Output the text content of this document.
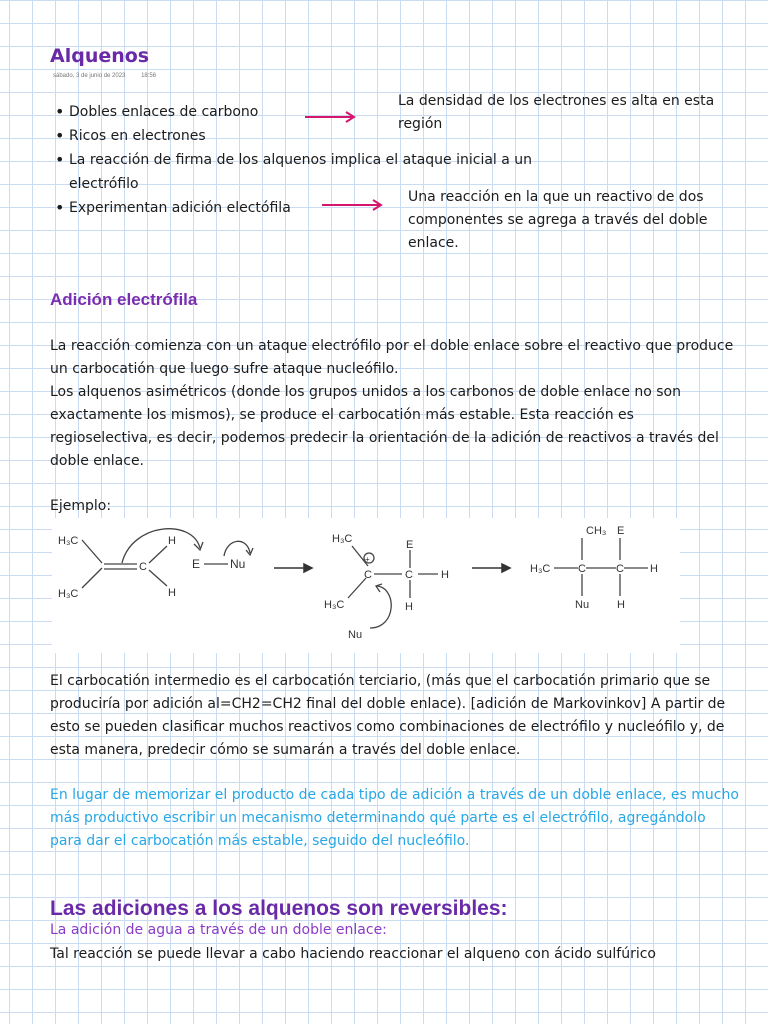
Alquenos
sábado, 3 de junio de 2023	18:56
• Dobles enlaces de carbono
• Ricos en electrones
• La reacción de firma de los alquenos implica el ataque inicial a un electrófilo
• Experimentan adición electófila
La densidad de los electrones es alta en esta región
Una reacción en la que un reactivo de dos componentes se agrega a través del doble enlace.
Adición electrófila
La reacción comienza con un ataque electrófilo por el doble enlace sobre el reactivo que produce un carbocatión que luego sufre ataque nucleófilo.
Los alquenos asimétricos (donde los grupos unidos a los carbonos de doble enlace no son exactamente los mismos), se produce el carbocatión más estable. Esta reacción es regioselectiva, es decir, podemos predecir la orientación de la adición de reactivos a través del doble enlace.
Ejemplo:
H₃C
H₃C
C
H
H
E Nu
H₃C
H₃C
C
+
E
C	H
H
Nu
CH₃ E
H₃C	C	C H
Nu	H
El carbocatión intermedio es el carbocatión terciario, (más que el carbocatión primario que se produciría por adición al=CH2=CH2 final del doble enlace). [adición de Markovinkov] A partir de esto se pueden clasificar muchos reactivos como combinaciones de electrófilo y nucleófilo y, de esta manera, predecir cómo se sumarán a través del doble enlace.
En lugar de memorizar el producto de cada tipo de adición a través de un doble enlace, es mucho más productivo escribir un mecanismo determinando qué parte es el electrófilo, agregándolo para dar el carbocatión más estable, seguido del nucleófilo.
Las adiciones a los alquenos son reversibles:
La adición de agua a través de un doble enlace:
Tal reacción se puede llevar a cabo haciendo reaccionar el alqueno con ácido sulfúrico
